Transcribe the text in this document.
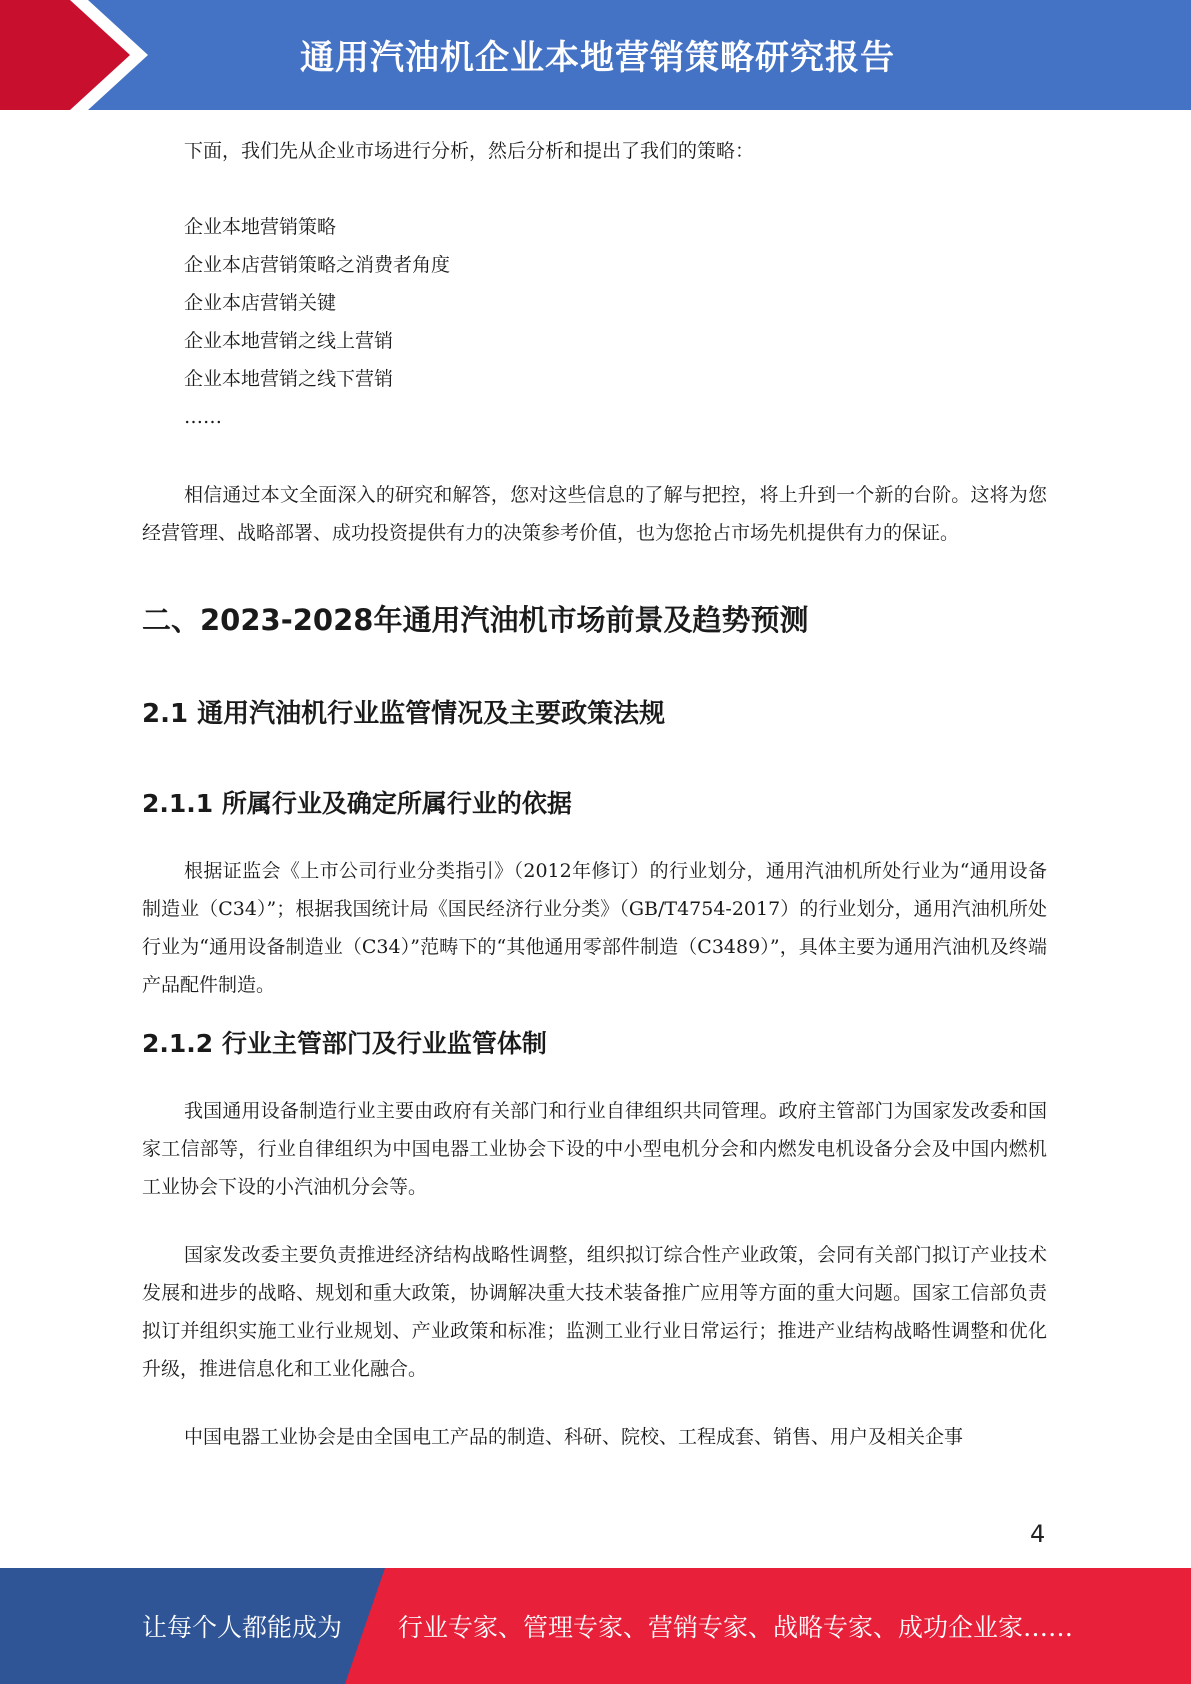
通用汽油机企业本地营销策略研究报告

下面，我们先从企业市场进行分析，然后分析和提出了我们的策略：

企业本地营销策略
企业本店营销策略之消费者角度
企业本店营销关键
企业本地营销之线上营销
企业本地营销之线下营销
……

相信通过本文全面深入的研究和解答，您对这些信息的了解与把控，将上升到一个新的台阶。这将为您经营管理、战略部署、成功投资提供有力的决策参考价值，也为您抢占市场先机提供有力的保证。

二、2023-2028年通用汽油机市场前景及趋势预测
2.1 通用汽油机行业监管情况及主要政策法规
2.1.1 所属行业及确定所属行业的依据

根据证监会《上市公司行业分类指引》（2012年修订）的行业划分，通用汽油机所处行业为“通用设备制造业（C34）”；根据我国统计局《国民经济行业分类》（GB/T4754-2017）的行业划分，通用汽油机所处行业为“通用设备制造业（C34）”范畴下的“其他通用零部件制造（C3489）”，具体主要为通用汽油机及终端产品配件制造。

2.1.2 行业主管部门及行业监管体制

我国通用设备制造行业主要由政府有关部门和行业自律组织共同管理。政府主管部门为国家发改委和国家工信部等，行业自律组织为中国电器工业协会下设的中小型电机分会和内燃发电机设备分会及中国内燃机工业协会下设的小汽油机分会等。

国家发改委主要负责推进经济结构战略性调整，组织拟订综合性产业政策，会同有关部门拟订产业技术发展和进步的战略、规划和重大政策，协调解决重大技术装备推广应用等方面的重大问题。国家工信部负责拟订并组织实施工业行业规划、产业政策和标准；监测工业行业日常运行；推进产业结构战略性调整和优化升级，推进信息化和工业化融合。

中国电器工业协会是由全国电工产品的制造、科研、院校、工程成套、销售、用户及相关企事

4
让每个人都能成为 行业专家、管理专家、营销专家、战略专家、成功企业家……
